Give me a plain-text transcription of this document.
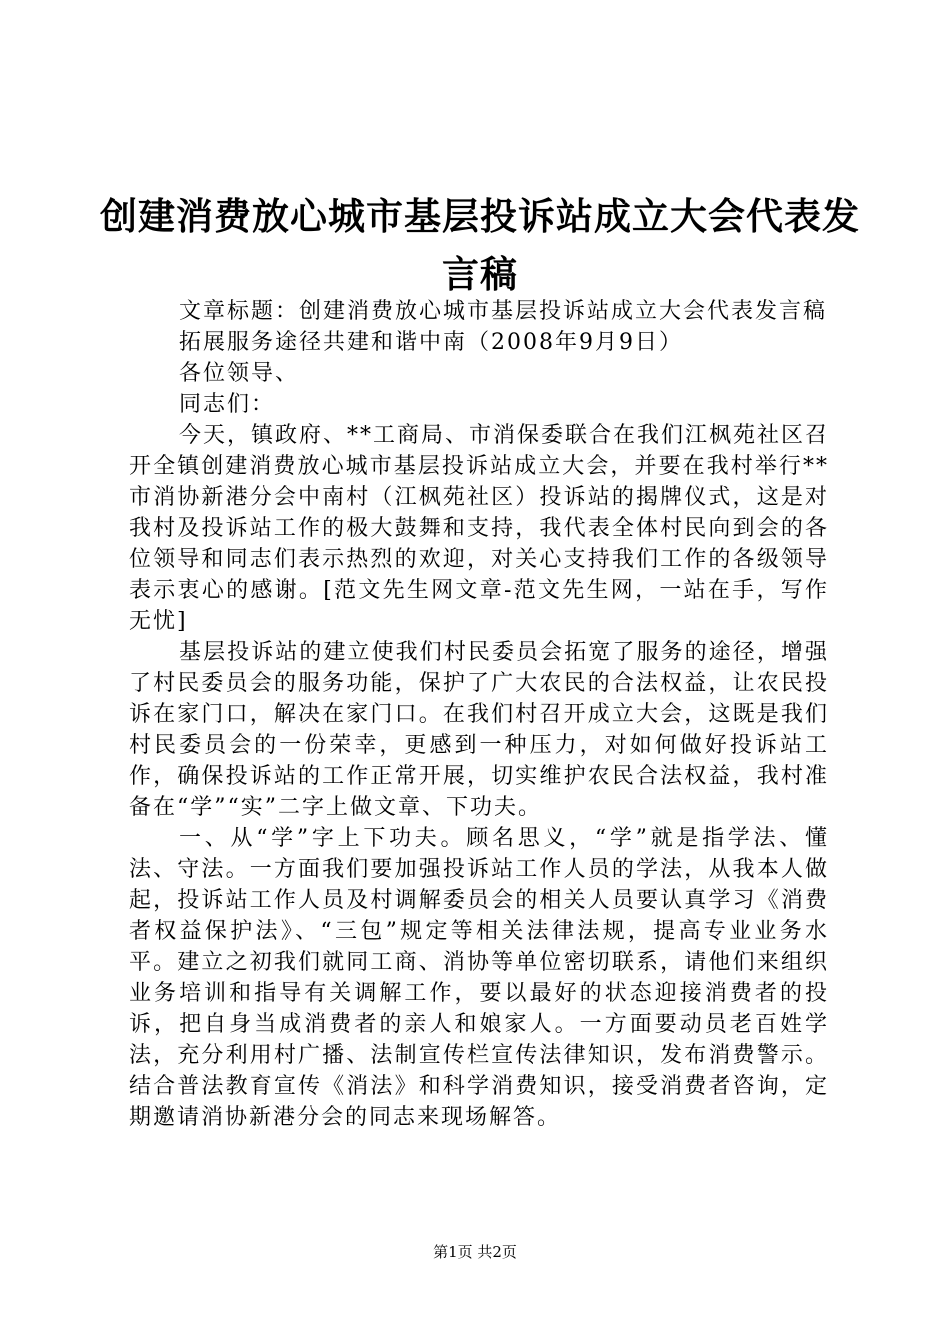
创建消费放心城市基层投诉站成立大会代表发言稿

文章标题：创建消费放心城市基层投诉站成立大会代表发言稿

拓展服务途径共建和谐中南（2008年9月9日）

各位领导、

同志们：

今天，镇政府、**工商局、市消保委联合在我们江枫苑社区召开全镇创建消费放心城市基层投诉站成立大会，并要在我村举行**市消协新港分会中南村（江枫苑社区）投诉站的揭牌仪式，这是对我村及投诉站工作的极大鼓舞和支持，我代表全体村民向到会的各位领导和同志们表示热烈的欢迎，对关心支持我们工作的各级领导表示衷心的感谢。[范文先生网文章-范文先生网，一站在手，写作无忧]

基层投诉站的建立使我们村民委员会拓宽了服务的途径，增强了村民委员会的服务功能，保护了广大农民的合法权益，让农民投诉在家门口，解决在家门口。在我们村召开成立大会，这既是我们村民委员会的一份荣幸，更感到一种压力，对如何做好投诉站工作，确保投诉站的工作正常开展，切实维护农民合法权益，我村准备在“学”“实”二字上做文章、下功夫。

一、从“学”字上下功夫。顾名思义，“学”就是指学法、懂法、守法。一方面我们要加强投诉站工作人员的学法，从我本人做起，投诉站工作人员及村调解委员会的相关人员要认真学习《消费者权益保护法》、“三包”规定等相关法律法规，提高专业业务水平。建立之初我们就同工商、消协等单位密切联系，请他们来组织业务培训和指导有关调解工作，要以最好的状态迎接消费者的投诉，把自身当成消费者的亲人和娘家人。一方面要动员老百姓学法，充分利用村广播、法制宣传栏宣传法律知识，发布消费警示。结合普法教育宣传《消法》和科学消费知识，接受消费者咨询，定期邀请消协新港分会的同志来现场解答。

第1页 共2页
